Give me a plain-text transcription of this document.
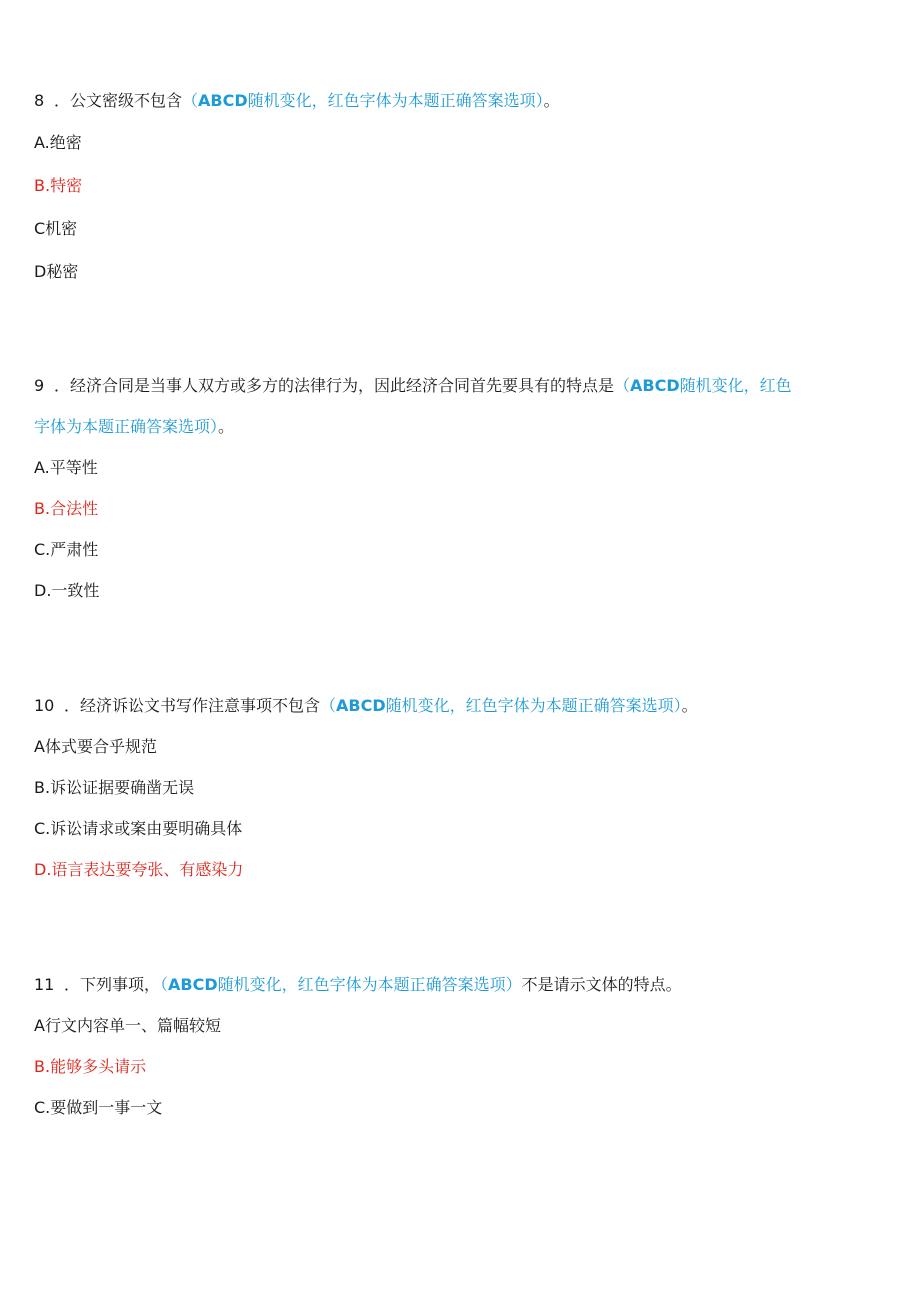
8 ．公文密级不包含（ABCD随机变化，红色字体为本题正确答案选项）。
A.绝密
B.特密
C机密
D秘密
9 ．经济合同是当事人双方或多方的法律行为，因此经济合同首先要具有的特点是（ABCD随机变化，红色
字体为本题正确答案选项）。
A.平等性
B.合法性
C.严肃性
D.一致性
10 ．经济诉讼文书写作注意事项不包含（ABCD随机变化，红色字体为本题正确答案选项）。
A体式要合乎规范
B.诉讼证据要确凿无误
C.诉讼请求或案由要明确具体
D.语言表达要夸张、有感染力
11 ．下列事项，（ABCD随机变化，红色字体为本题正确答案选项）不是请示文体的特点。
A行文内容单一、篇幅较短
B.能够多头请示
C.要做到一事一文
